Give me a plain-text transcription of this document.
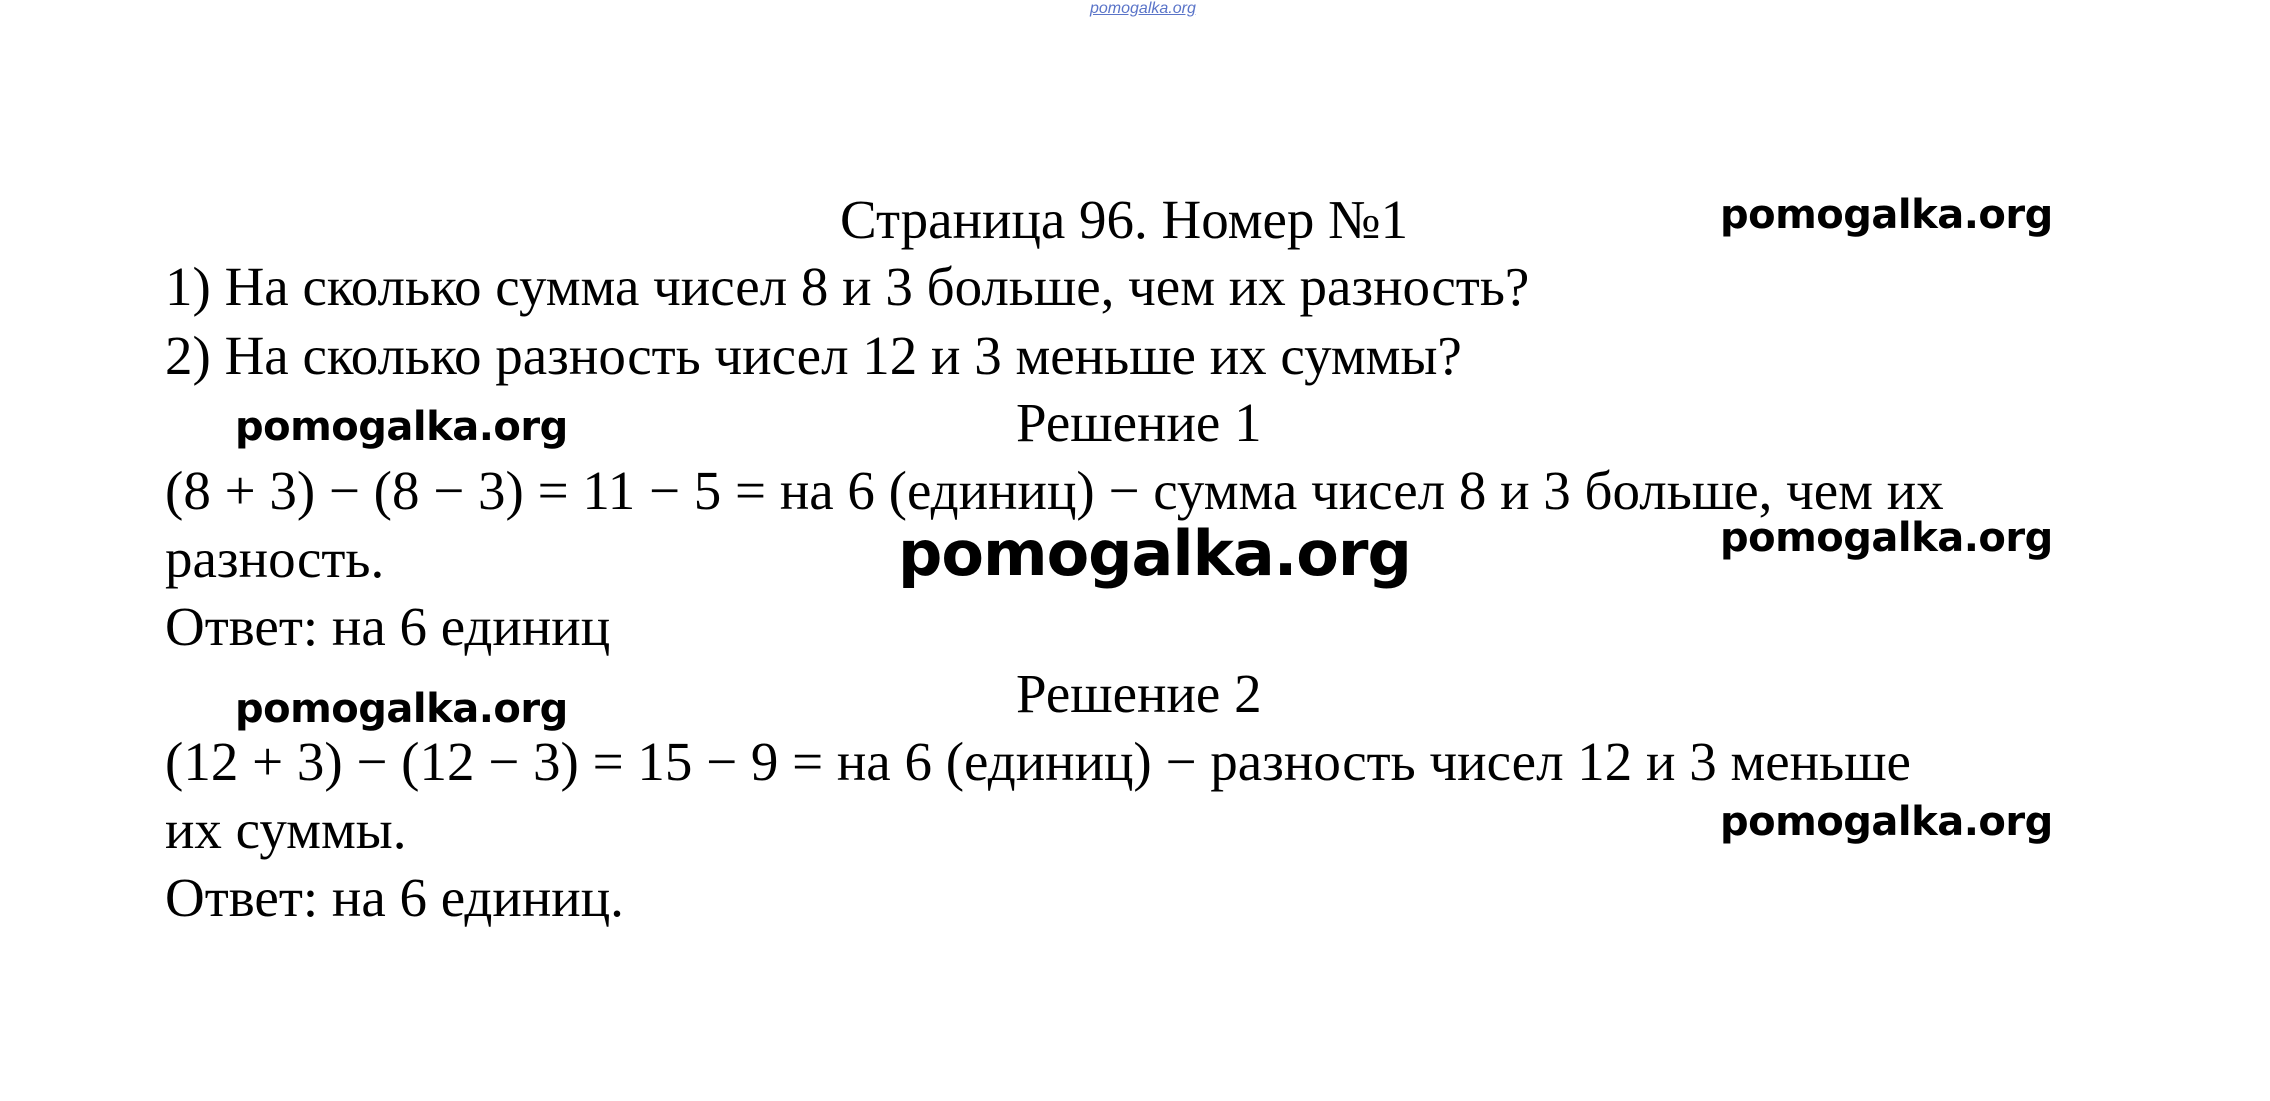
pomogalka.org
Страница 96. Номер №1
1) На сколько сумма чисел 8 и 3 больше, чем их разность?
2) На сколько разность чисел 12 и 3 меньше их суммы?
Решение 1
(8 + 3) − (8 − 3) = 11 − 5 = на 6 (единиц) − сумма чисел 8 и 3 больше, чем их
разность.
Ответ: на 6 единиц
Решение 2
(12 + 3) − (12 − 3) = 15 − 9 = на 6 (единиц) − разность чисел 12 и 3 меньше
их суммы.
Ответ: на 6 единиц.
pomogalka.org
pomogalka.org
pomogalka.org	pomogalka.org
pomogalka.org
pomogalka.org
